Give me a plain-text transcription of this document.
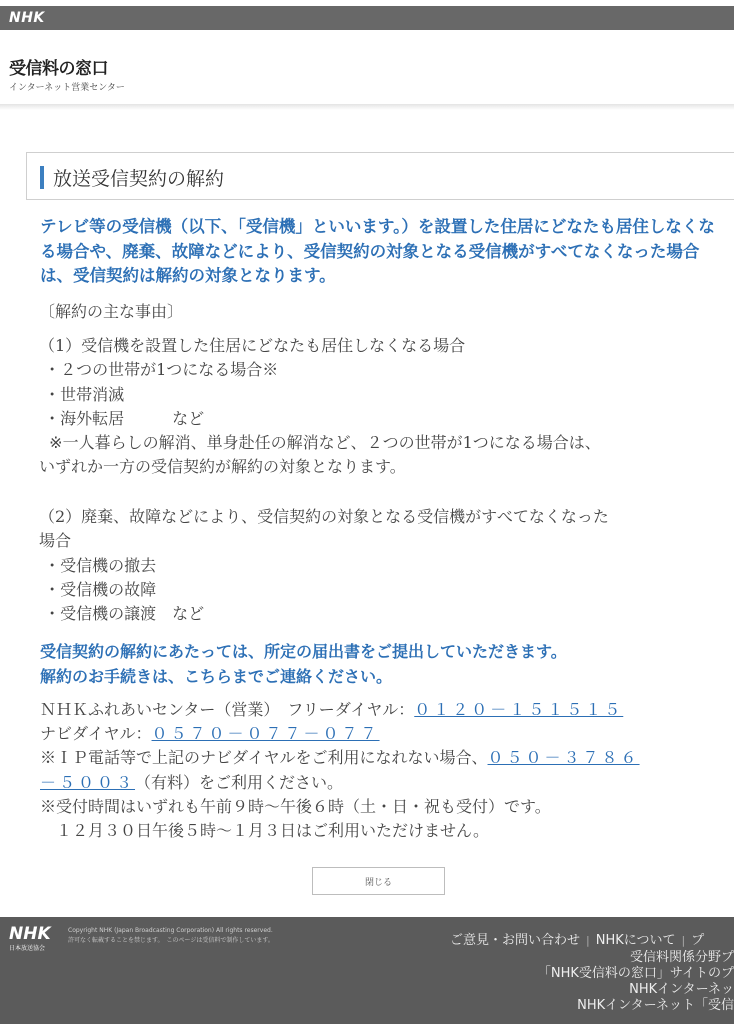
NHK
受信料の窓口
インターネット営業センター
放送受信契約の解約
テレビ等の受信機（以下、「受信機」といいます。）を設置した住居にどなたも居住しなくなる場合や、廃棄、故障などにより、受信契約の対象となる受信機がすべてなくなった場合は、受信契約は解約の対象となります。
〔解約の主な事由〕
（1）受信機を設置した住居にどなたも居住しなくなる場合
・２つの世帯が1つになる場合※
・世帯消滅
・海外転居　　　など
※一人暮らしの解消、単身赴任の解消など、２つの世帯が1つになる場合は、
いずれか一方の受信契約が解約の対象となります。
（2）廃棄、故障などにより、受信契約の対象となる受信機がすべてなくなった
場合
・受信機の撤去
・受信機の故障
・受信機の譲渡　など
受信契約の解約にあたっては、所定の届出書をご提出していただきます。
解約のお手続きは、こちらまでご連絡ください。
ＮＨＫふれあいセンター（営業）　フリーダイヤル：０１２０－１５１５１５
ナビダイヤル：０５７０－０７７－０７７
※ＩＰ電話等で上記のナビダイヤルをご利用になれない場合、０５０－３７８６
－５００３（有料）をご利用ください。
※受付時間はいずれも午前９時～午後６時（土・日・祝も受付）です。
　１２月３０日午後５時～１月３日はご利用いただけません。
閉じる
NHK
日本放送協会
Copyright NHK (Japan Broadcasting Corporation) All rights reserved.
許可なく転載することを禁じます。　このページは受信料で制作しています。	ご意見・お問い合わせ | NHKについて | プ
受信料関係分野プ
「NHK受信料の窓口」サイトのプ
NHKインターネッ
NHKインターネット「受信
